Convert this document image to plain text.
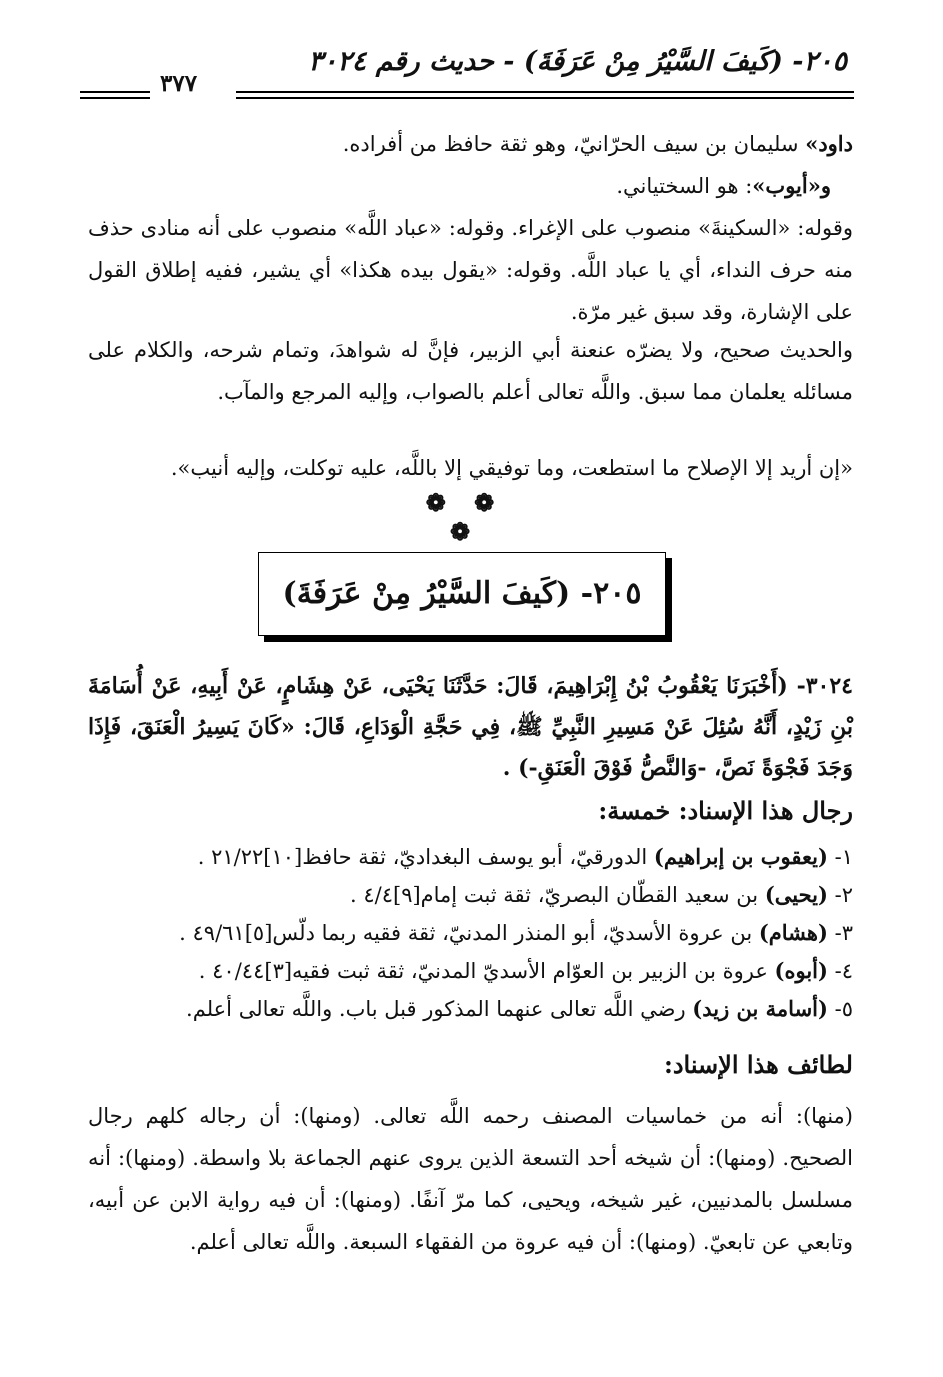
٢٠٥- (كَيفَ السَّيْرُ مِنْ عَرَفَةَ) - حديث رقم ٣٠٢٤
٣٧٧
داود» سليمان بن سيف الحرّانيّ، وهو ثقة حافظ من أفراده.
و«أيوب»: هو السختياني.
وقوله: «السكينةَ» منصوب على الإغراء. وقوله: «عباد اللَّه» منصوب على أنه منادى حذف منه حرف النداء، أي يا عباد اللَّه. وقوله: «يقول بيده هكذا» أي يشير، ففيه إطلاق القول على الإشارة، وقد سبق غير مرّة.
والحديث صحيح، ولا يضرّه عنعنة أبي الزبير، فإنَّ له شواهدَ، وتمام شرحه، والكلام على مسائله يعلمان مما سبق. واللَّه تعالى أعلم بالصواب، وإليه المرجع والمآب.
«إن أريد إلا الإصلاح ما استطعت، وما توفيقي إلا باللَّه، عليه توكلت، وإليه أنيب».
❁ ❁ ❁
٢٠٥- (كَيفَ السَّيْرُ مِنْ عَرَفَةَ)
٣٠٢٤- (أَخْبَرَنَا يَعْقُوبُ بْنُ إِبْرَاهِيمَ، قَالَ: حَدَّثَنَا يَحْيَى، عَنْ هِشَامٍ، عَنْ أَبِيهِ، عَنْ أُسَامَةَ بْنِ زَيْدٍ، أَنَّهُ سُئِلَ عَنْ مَسِيرِ النَّبِيِّ ﷺ، فِي حَجَّةِ الْوَدَاعِ، قَالَ: «كَانَ يَسِيرُ الْعَنَقَ، فَإِذَا وَجَدَ فَجْوَةً نَصَّ، -وَالنَّصُّ فَوْقَ الْعَنَقِ-) .
رجال هذا الإسناد: خمسة:
١- (يعقوب بن إبراهيم) الدورقيّ، أبو يوسف البغداديّ، ثقة حافظ[١٠]٢١/٢٢ .
٢- (يحيى) بن سعيد القطّان البصريّ، ثقة ثبت إمام[٩]٤/٤ .
٣- (هشام) بن عروة الأسديّ، أبو المنذر المدنيّ، ثقة فقيه ربما دلّس[٥]٤٩/٦١ .
٤- (أبوه) عروة بن الزبير بن العوّام الأسديّ المدنيّ، ثقة ثبت فقيه[٣]٤٠/٤٤ .
٥- (أسامة بن زيد) رضي اللَّه تعالى عنهما المذكور قبل باب. واللَّه تعالى أعلم.
لطائف هذا الإسناد:
(منها): أنه من خماسيات المصنف رحمه اللَّه تعالى. (ومنها): أن رجاله كلهم رجال الصحيح. (ومنها): أن شيخه أحد التسعة الذين يروى عنهم الجماعة بلا واسطة. (ومنها): أنه مسلسل بالمدنيين، غير شيخه، ويحيى، كما مرّ آنفًا. (ومنها): أن فيه رواية الابن عن أبيه، وتابعي عن تابعيّ. (ومنها): أن فيه عروة من الفقهاء السبعة. واللَّه تعالى أعلم.
